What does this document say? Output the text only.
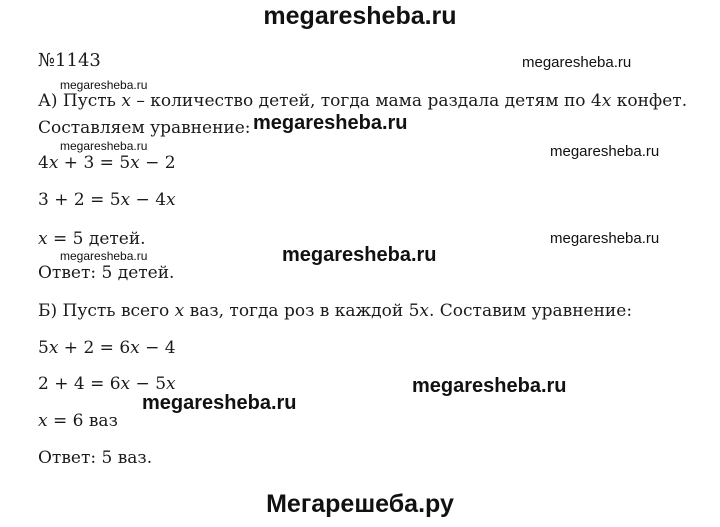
megaresheba.ru
№1143
А) Пусть 𝑥 – количество детей, тогда мама раздала детям по 4𝑥 конфет.
Составляем уравнение:
4𝑥 + 3 = 5𝑥 − 2
3 + 2 = 5𝑥 − 4𝑥
𝑥 = 5 детей.
Ответ: 5 детей.
Б) Пусть всего 𝑥 ваз, тогда роз в каждой 5𝑥. Составим уравнение:
5𝑥 + 2 = 6𝑥 − 4
2 + 4 = 6𝑥 − 5𝑥
𝑥 = 6 ваз
Ответ: 5 ваз.
megaresheba.ru
megaresheba.ru
megaresheba.ru
megaresheba.ru	megaresheba.ru
megaresheba.ru
megaresheba.ru	megaresheba.ru
megaresheba.ru
megaresheba.ru
Мегарешеба.ру
